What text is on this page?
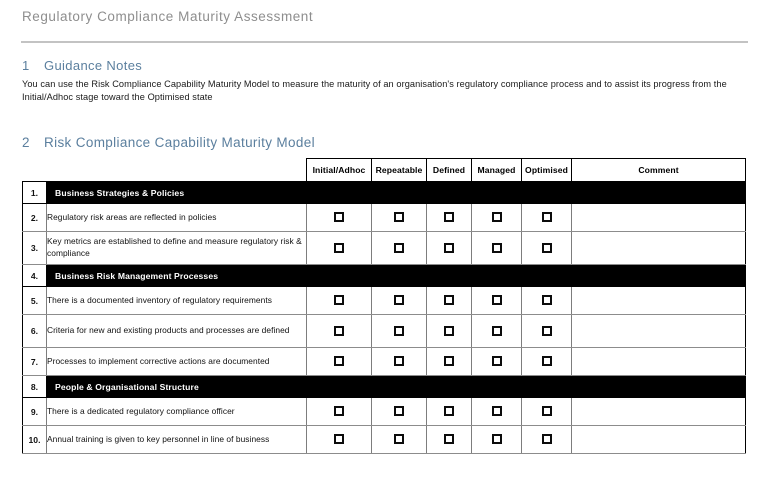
Regulatory Compliance Maturity Assessment
1 Guidance Notes
You can use the Risk Compliance Capability Maturity Model to measure the maturity of an organisation's regulatory compliance process and to assist its progress from the Initial/Adhoc stage toward the Optimised state
2 Risk Compliance Capability Maturity Model
		Initial/Adhoc	Repeatable	Defined	Managed	Optimised	Comment
1.	Business Strategies & Policies						
2.	Regulatory risk areas are reflected in policies						
3.	Key metrics are established to define and measure regulatory risk & compliance						
4.	Business Risk Management Processes						
5.	There is a documented inventory of regulatory requirements						
6.	Criteria for new and existing products and processes are defined						
7.	Processes to implement corrective actions are documented						
8.	People & Organisational Structure						
9.	There is a dedicated regulatory compliance officer						
10.	Annual training is given to key personnel in line of business						
